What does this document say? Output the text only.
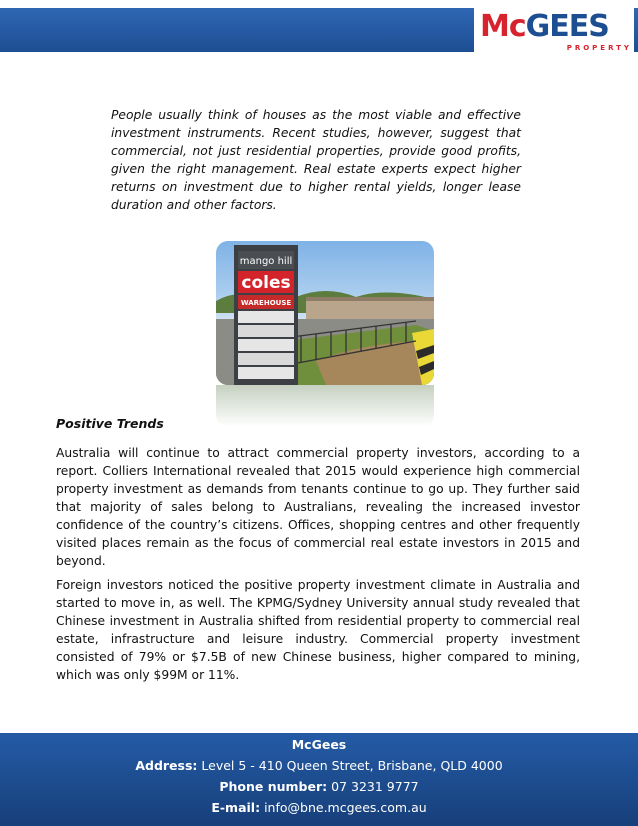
McGEES
PROPERTY

People usually think of houses as the most viable and effective investment instruments. Recent studies, however, suggest that commercial, not just residential properties, provide good profits, given the right management. Real estate experts expect higher returns on investment due to higher rental yields, longer lease duration and other factors.

mango hill
coles
WAREHOUSE
Positive Trends

Australia will continue to attract commercial property investors, according to a report. Colliers International revealed that 2015 would experience high commercial property investment as demands from tenants continue to go up. They further said that majority of sales belong to Australians, revealing the increased investor confidence of the country’s citizens. Offices, shopping centres and other frequently visited places remain as the focus of commercial real estate investors in 2015 and beyond.

Foreign investors noticed the positive property investment climate in Australia and started to move in, as well. The KPMG/Sydney University annual study revealed that Chinese investment in Australia shifted from residential property to commercial real estate, infrastructure and leisure industry. Commercial property investment consisted of 79% or $7.5B of new Chinese business, higher compared to mining, which was only $99M or 11%.

McGees
Address: Level 5 - 410 Queen Street, Brisbane, QLD 4000
Phone number: 07 3231 9777
E-mail: info@bne.mcgees.com.au
